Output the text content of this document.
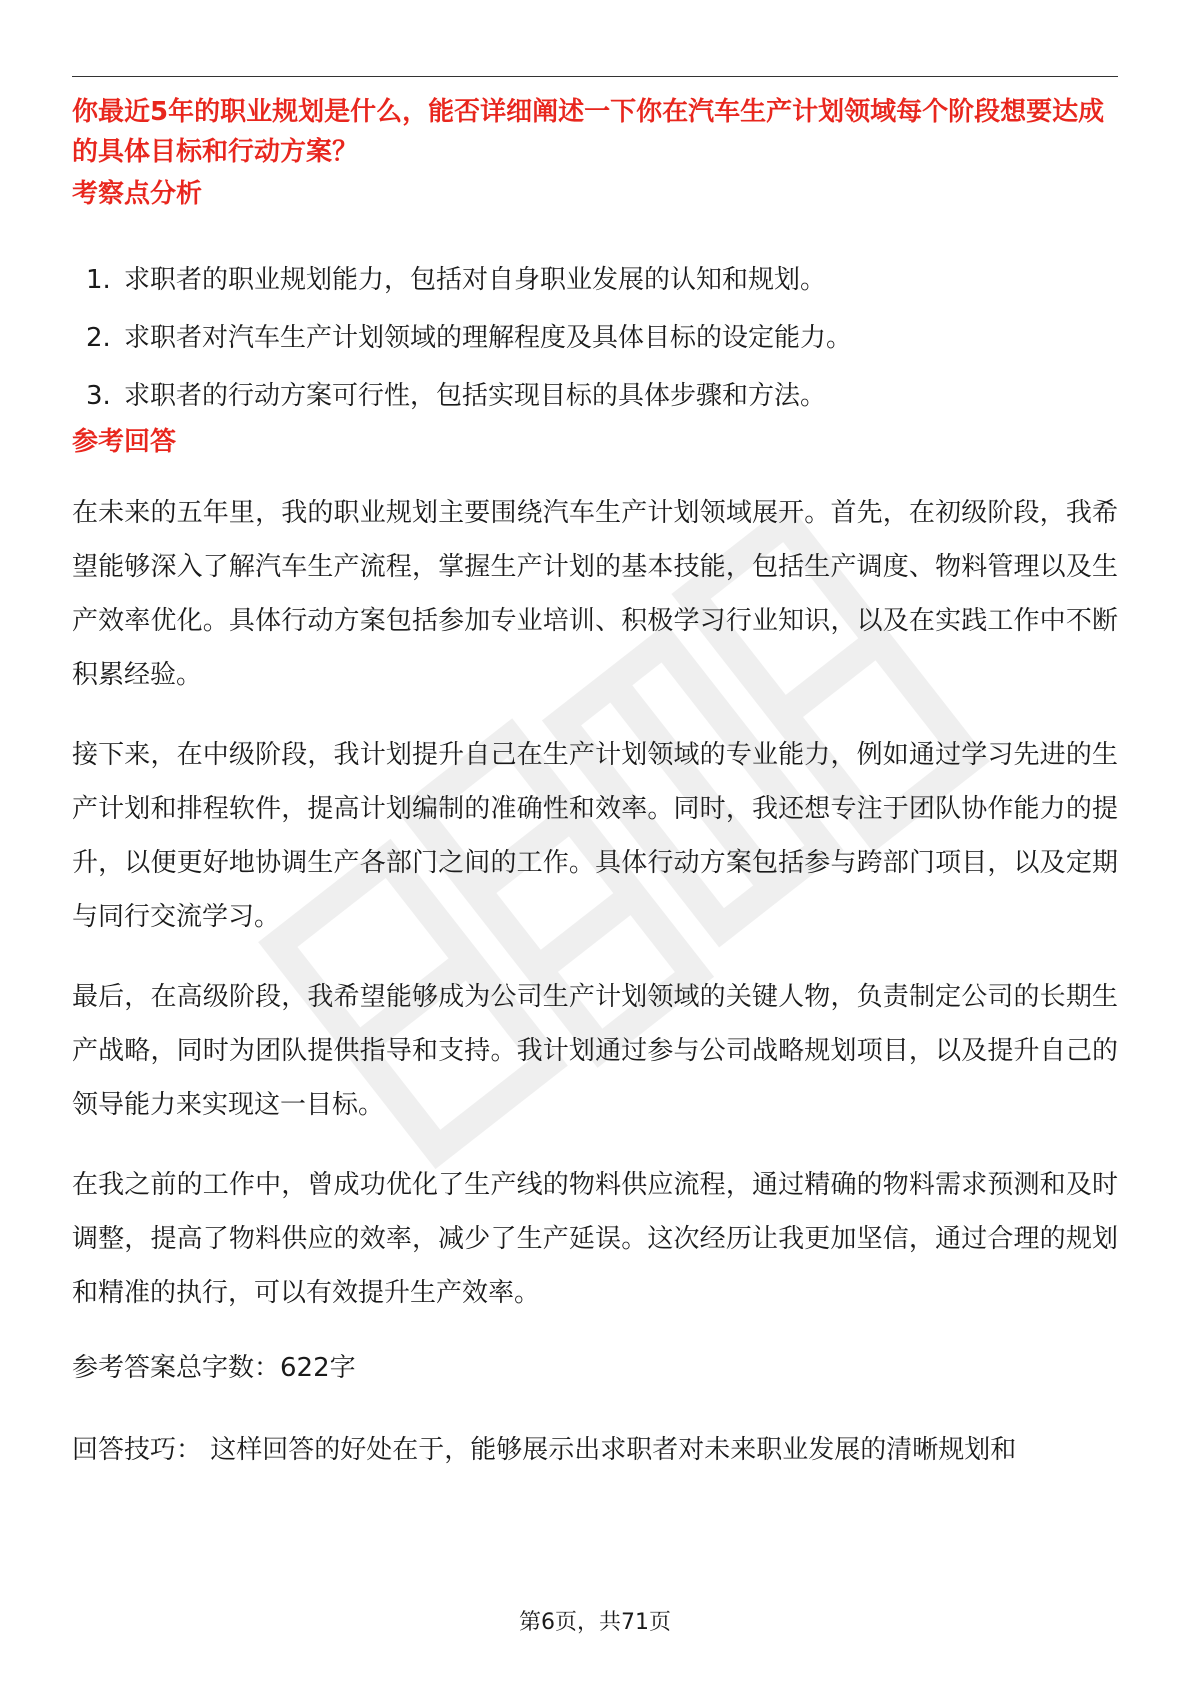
你最近5年的职业规划是什么，能否详细阐述一下你在汽车生产计划领域每个阶段想要达成的具体目标和行动方案？
考察点分析
1. 求职者的职业规划能力，包括对自身职业发展的认知和规划。
2. 求职者对汽车生产计划领域的理解程度及具体目标的设定能力。
3. 求职者的行动方案可行性，包括实现目标的具体步骤和方法。
参考回答

在未来的五年里，我的职业规划主要围绕汽车生产计划领域展开。首先，在初级阶段，我希望能够深入了解汽车生产流程，掌握生产计划的基本技能，包括生产调度、物料管理以及生产效率优化。具体行动方案包括参加专业培训、积极学习行业知识，以及在实践工作中不断积累经验。

接下来，在中级阶段，我计划提升自己在生产计划领域的专业能力，例如通过学习先进的生产计划和排程软件，提高计划编制的准确性和效率。同时，我还想专注于团队协作能力的提升，以便更好地协调生产各部门之间的工作。具体行动方案包括参与跨部门项目，以及定期与同行交流学习。

最后，在高级阶段，我希望能够成为公司生产计划领域的关键人物，负责制定公司的长期生产战略，同时为团队提供指导和支持。我计划通过参与公司战略规划项目，以及提升自己的领导能力来实现这一目标。

在我之前的工作中，曾成功优化了生产线的物料供应流程，通过精确的物料需求预测和及时调整，提高了物料供应的效率，减少了生产延误。这次经历让我更加坚信，通过合理的规划和精准的执行，可以有效提升生产效率。

参考答案总字数：622字

回答技巧： 这样回答的好处在于，能够展示出求职者对未来职业发展的清晰规划和

第6页，共71页
